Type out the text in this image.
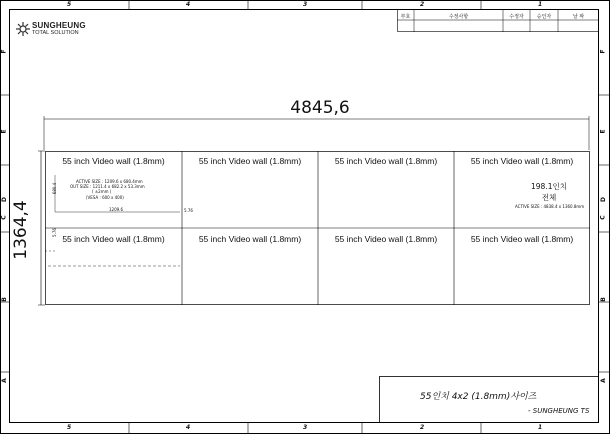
5	4	3	2	1
5	4	3	2	1
F
E
D
C
B
A
F
E
D
C
B
A
SUNGHEUNG
TOTAL SOLUTION
부호	수정사항	수정자	승인자	날 짜
4845,6
1364,4
55 inch Video wall (1.8mm)	55 inch Video wall (1.8mm)	55 inch Video wall (1.8mm)	55 inch Video wall (1.8mm)
55 inch Video wall (1.8mm)	55 inch Video wall (1.8mm)	55 inch Video wall (1.8mm)	55 inch Video wall (1.8mm)
ACTIVE SIZE : 1209.6 x 680.4mm
OUT SIZE : 1211.4 x 682.2 x 53.3mm
( ±2mm )
(VESA : 600 x 400)
1209.6
680.4
5.76
5.76
198.1인치
전체
ACTIVE SIZE : 4838.4 x 1360.8mm
55인치 4x2 (1.8mm)사이즈
- SUNGHEUNG TS
